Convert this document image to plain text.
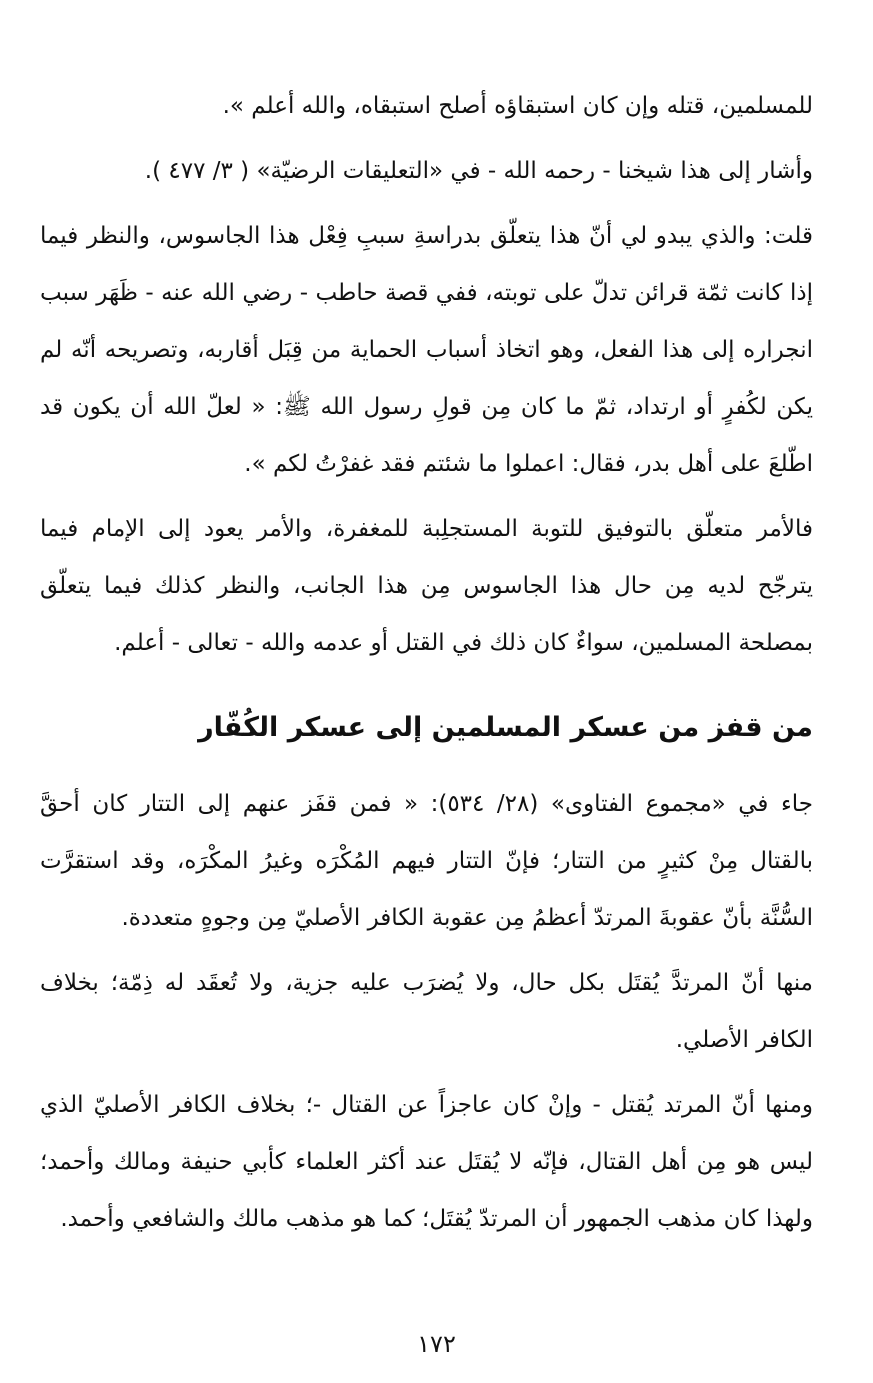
للمسلمين، قتله وإن كان استبقاؤه أصلح استبقاه، والله أعلم ».

وأشار إلى هذا شيخنا - رحمه الله - في «التعليقات الرضيّة» ( ٣/ ٤٧٧ ).

قلت: والذي يبدو لي أنّ هذا يتعلّق بدراسةِ سببِ فِعْل هذا الجاسوس، والنظر فيما إذا كانت ثمّة قرائن تدلّ على توبته، ففي قصة حاطب - رضي الله عنه - ظَهَر سبب انجراره إلى هذا الفعل، وهو اتخاذ أسباب الحماية من قِبَل أقاربه، وتصريحه أنّه لم يكن لكُفرٍ أو ارتداد، ثمّ ما كان مِن قولِ رسول الله ﷺ: « لعلّ الله أن يكون قد اطّلعَ على أهل بدر، فقال: اعملوا ما شئتم فقد غفرْتُ لكم ».

فالأمر متعلّق بالتوفيق للتوبة المستجلِبة للمغفرة، والأمر يعود إلى الإمام فيما يترجّح لديه مِن حال هذا الجاسوس مِن هذا الجانب، والنظر كذلك فيما يتعلّق بمصلحة المسلمين، سواءٌ كان ذلك في القتل أو عدمه والله - تعالى - أعلم.

من قفز من عسكر المسلمين إلى عسكر الكُفّار

جاء في «مجموع الفتاوى» (٢٨/ ٥٣٤): « فمن قفَز عنهم إلى التتار كان أحقَّ بالقتال مِنْ كثيرٍ من التتار؛ فإنّ التتار فيهم المُكْرَه وغيرُ المكْرَه، وقد استقرَّت السُّنَّة بأنّ عقوبةَ المرتدّ أعظمُ مِن عقوبة الكافر الأصليّ مِن وجوهٍ متعددة.

منها أنّ المرتدَّ يُقتَل بكل حال، ولا يُضرَب عليه جزية، ولا تُعقَد له ذِمّة؛ بخلاف الكافر الأصلي.

ومنها أنّ المرتد يُقتل - وإنْ كان عاجزاً عن القتال -؛ بخلاف الكافر الأصليّ الذي ليس هو مِن أهل القتال، فإنّه لا يُقتَل عند أكثر العلماء كأبي حنيفة ومالك وأحمد؛ ولهذا كان مذهب الجمهور أن المرتدّ يُقتَل؛ كما هو مذهب مالك والشافعي وأحمد.

١٧٢
